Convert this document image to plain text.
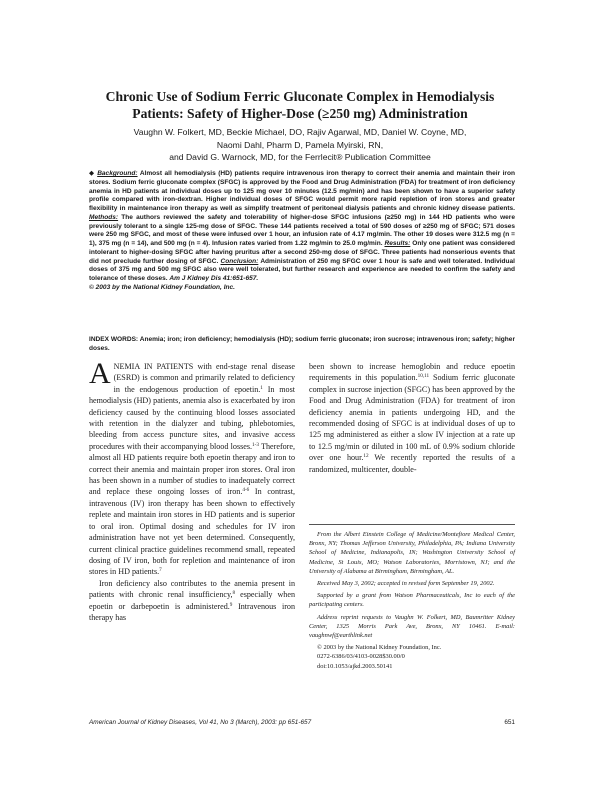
Chronic Use of Sodium Ferric Gluconate Complex in Hemodialysis
Patients: Safety of Higher-Dose (≥250 mg) Administration
Vaughn W. Folkert, MD, Beckie Michael, DO, Rajiv Agarwal, MD, Daniel W. Coyne, MD,
Naomi Dahl, Pharm D, Pamela Myirski, RN,
and David G. Warnock, MD, for the Ferrlecit® Publication Committee
◆ Background: Almost all hemodialysis (HD) patients require intravenous iron therapy to correct their anemia and maintain their iron stores. Sodium ferric gluconate complex (SFGC) is approved by the Food and Drug Administration (FDA) for treatment of iron deficiency anemia in HD patients at individual doses up to 125 mg over 10 minutes (12.5 mg/min) and has been shown to have a superior safety profile compared with iron-dextran. Higher individual doses of SFGC would permit more rapid repletion of iron stores and greater flexibility in maintenance iron therapy as well as simplify treatment of peritoneal dialysis patients and chronic kidney disease patients. Methods: The authors reviewed the safety and tolerability of higher-dose SFGC infusions (≥250 mg) in 144 HD patients who were previously tolerant to a single 125-mg dose of SFGC. These 144 patients received a total of 590 doses of ≥250 mg of SFGC; 571 doses were 250 mg SFGC, and most of these were infused over 1 hour, an infusion rate of 4.17 mg/min. The other 19 doses were 312.5 mg (n = 1), 375 mg (n = 14), and 500 mg (n = 4). Infusion rates varied from 1.22 mg/min to 25.0 mg/min. Results: Only one patient was considered intolerant to higher-dosing SFGC after having pruritus after a second 250-mg dose of SFGC. Three patients had nonserious events that did not preclude further dosing of SFGC. Conclusion: Administration of 250 mg SFGC over 1 hour is safe and well tolerated. Individual doses of 375 mg and 500 mg SFGC also were well tolerated, but further research and experience are needed to confirm the safety and tolerance of these doses. Am J Kidney Dis 41:651-657.
© 2003 by the National Kidney Foundation, Inc.
INDEX WORDS: Anemia; iron; iron deficiency; hemodialysis (HD); sodium ferric gluconate; iron sucrose; intravenous iron; safety; higher doses.

ANEMIA IN PATIENTS with end-stage renal disease (ESRD) is common and primarily related to deficiency in the endogenous production of epoetin.$^1$ In most hemodialysis (HD) patients, anemia also is exacerbated by iron deficiency caused by the continuing blood losses associated with retention in the dialyzer and tubing, phlebotomies, bleeding from access puncture sites, and invasive access procedures with their accompanying blood losses.$^{1-3}$ Therefore, almost all HD patients require both epoetin therapy and iron to correct their anemia and maintain proper iron stores. Oral iron has been shown in a number of studies to inadequately correct and replace these ongoing losses of iron.$^{4-6}$ In contrast, intravenous (IV) iron therapy has been shown to effectively replete and maintain iron stores in HD patients and is superior to oral iron. Optimal dosing and schedules for IV iron administration have not yet been determined. Consequently, current clinical practice guidelines recommend small, repeated dosing of IV iron, both for repletion and maintenance of iron stores in HD patients.$^7$

Iron deficiency also contributes to the anemia present in patients with chronic renal insufficiency,$^8$ especially when epoetin or darbepoetin is administered.$^9$ Intravenous iron therapy has

been shown to increase hemoglobin and reduce epoetin requirements in this population.$^{10,11}$ Sodium ferric gluconate complex in sucrose injection (SFGC) has been approved by the Food and Drug Administration (FDA) for treatment of iron deficiency anemia in patients undergoing HD, and the recommended dosing of SFGC is at individual doses of up to 125 mg administered as either a slow IV injection at a rate up to 12.5 mg/min or diluted in 100 mL of 0.9% sodium chloride over one hour.$^{12}$ We recently reported the results of a randomized, multicenter, double-

From the Albert Einstein College of Medicine/Montefiore Medical Center, Bronx, NY; Thomas Jefferson University, Philadelphia, PA; Indiana University School of Medicine, Indianapolis, IN; Washington University School of Medicine, St Louis, MO; Watson Laboratories, Morristown, NJ; and the University of Alabama at Birmingham, Birmingham, AL.

Received May 3, 2002; accepted in revised form September 19, 2002.

Supported by a grant from Watson Pharmaceuticals, Inc to each of the participating centers.

Address reprint requests to Vaughn W. Folkert, MD, Baumritter Kidney Center, 1325 Morris Park Ave, Bronx, NY 10461. E-mail: vaughnwf@earthlink.net

© 2003 by the National Kidney Foundation, Inc.

0272-6386/03/4103-0028$30.00/0

doi:10.1053/ajkd.2003.50141

American Journal of Kidney Diseases, Vol 41, No 3 (March), 2003: pp 651-657	651
